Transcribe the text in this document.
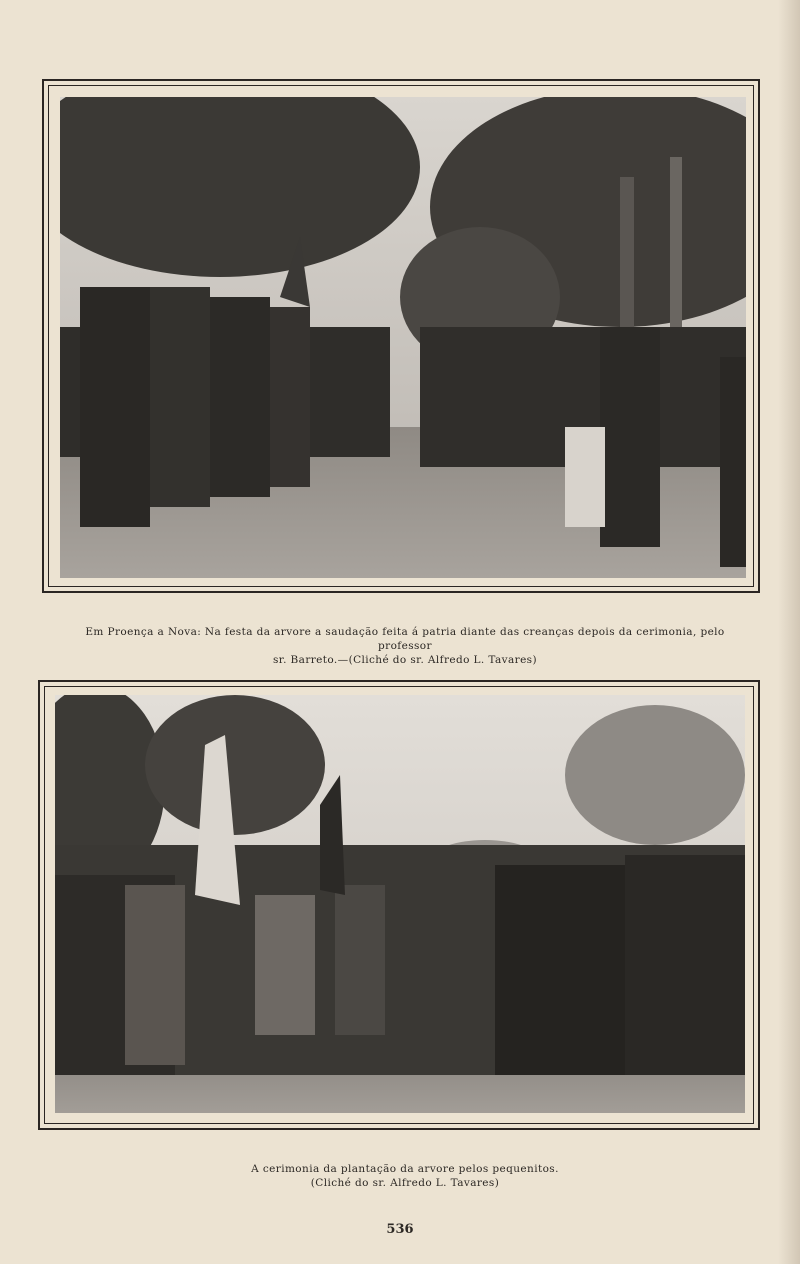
Em Proença a Nova: Na festa da arvore a saudação feita á patria diante das creanças depois da cerimonia, pelo professor
sr. Barreto.—(Cliché do sr. Alfredo L. Tavares)
A cerimonia da plantação da arvore pelos pequenitos.
(Cliché do sr. Alfredo L. Tavares)
536
